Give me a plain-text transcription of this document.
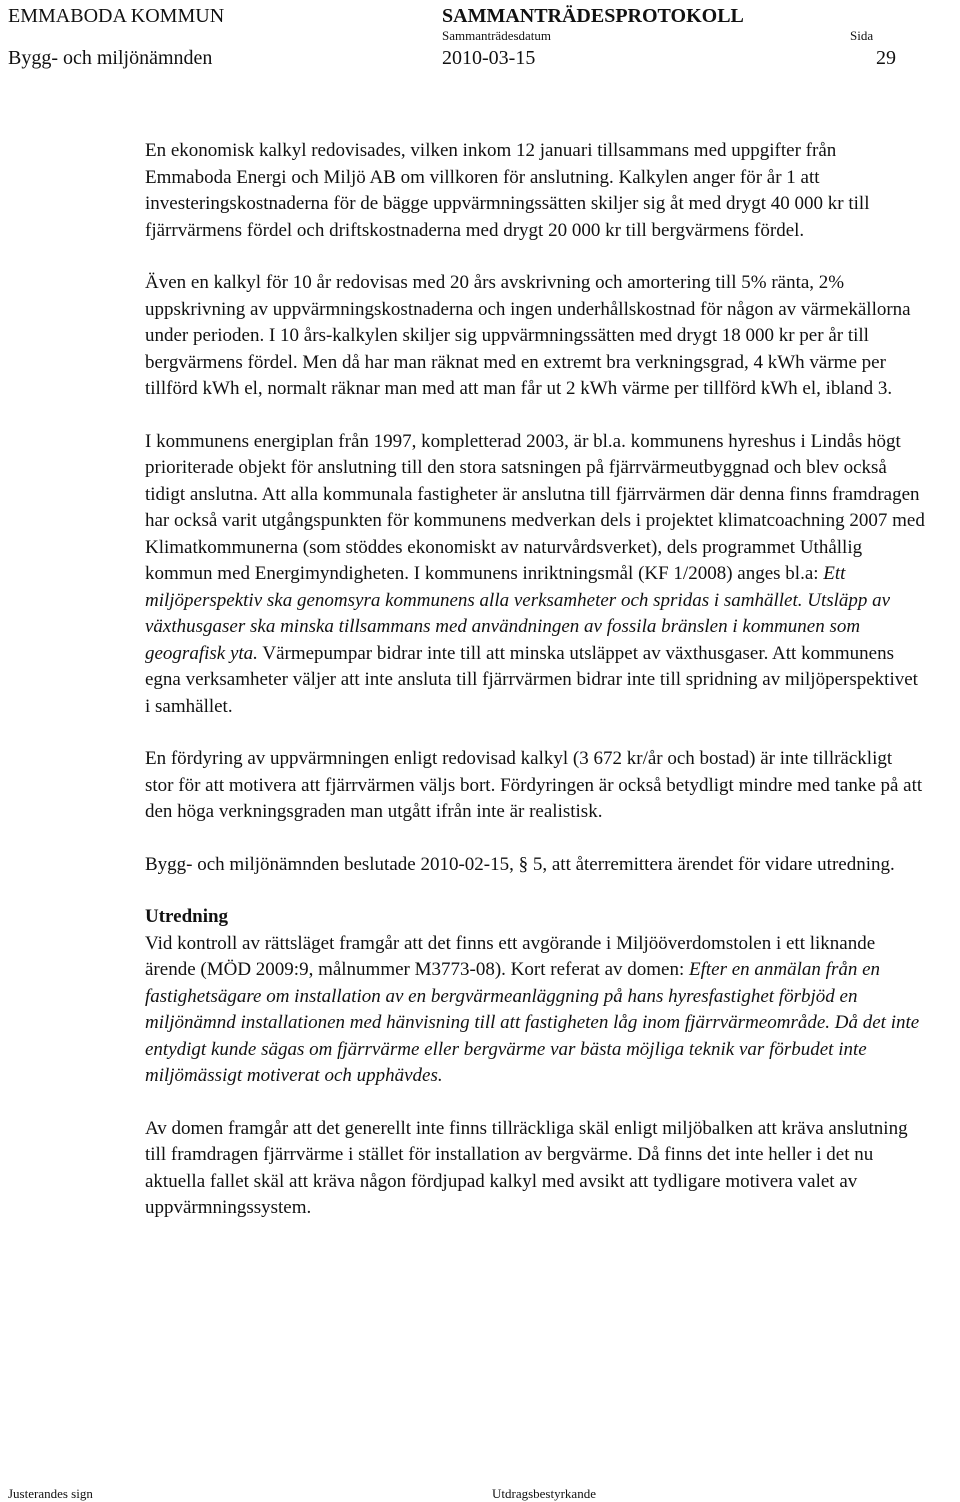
EMMABODA KOMMUN	SAMMANTRÄDESPROTOKOLL
Sammanträdesdatum	Sida
Bygg- och miljönämnden	2010-03-15	29

En ekonomisk kalkyl redovisades, vilken inkom 12 januari tillsammans med uppgifter från Emmaboda Energi och Miljö AB om villkoren för anslutning. Kalkylen anger för år 1 att investeringskostnaderna för de bägge uppvärmningssätten skiljer sig åt med drygt 40 000 kr till fjärrvärmens fördel och driftskostnaderna med drygt 20 000 kr till bergvärmens fördel.

Även en kalkyl för 10 år redovisas med 20 års avskrivning och amortering till 5% ränta, 2% uppskrivning av uppvärmningskostnaderna och ingen underhållskostnad för någon av värmekällorna under perioden. I 10 års-kalkylen skiljer sig uppvärmningssätten med drygt 18 000 kr per år till bergvärmens fördel. Men då har man räknat med en extremt bra verkningsgrad, 4 kWh värme per tillförd kWh el, normalt räknar man med att man får ut 2 kWh värme per tillförd kWh el, ibland 3.

I kommunens energiplan från 1997, kompletterad 2003, är bl.a. kommunens hyreshus i Lindås högt prioriterade objekt för anslutning till den stora satsningen på fjärrvärmeutbyggnad och blev också tidigt anslutna. Att alla kommunala fastigheter är anslutna till fjärrvärmen där denna finns framdragen har också varit utgångspunkten för kommunens medverkan dels i projektet klimatcoachning 2007 med Klimatkommunerna (som stöddes ekonomiskt av naturvårdsverket), dels programmet Uthållig kommun med Energimyndigheten. I kommunens inriktningsmål (KF 1/2008) anges bl.a: Ett miljöperspektiv ska genomsyra kommunens alla verksamheter och spridas i samhället. Utsläpp av växthusgaser ska minska tillsammans med användningen av fossila bränslen i kommunen som geografisk yta. Värmepumpar bidrar inte till att minska utsläppet av växthusgaser. Att kommunens egna verksamheter väljer att inte ansluta till fjärrvärmen bidrar inte till spridning av miljöperspektivet i samhället.

En fördyring av uppvärmningen enligt redovisad kalkyl (3 672 kr/år och bostad) är inte tillräckligt stor för att motivera att fjärrvärmen väljs bort. Fördyringen är också betydligt mindre med tanke på att den höga verkningsgraden man utgått ifrån inte är realistisk.

Bygg- och miljönämnden beslutade 2010-02-15, § 5, att återremittera ärendet för vidare utredning.

Utredning

Vid kontroll av rättsläget framgår att det finns ett avgörande i Miljööverdomstolen i ett liknande ärende (MÖD 2009:9, målnummer M3773-08). Kort referat av domen: Efter en anmälan från en fastighetsägare om installation av en bergvärmeanläggning på hans hyresfastighet förbjöd en miljönämnd installationen med hänvisning till att fastigheten låg inom fjärrvärmeområde. Då det inte entydigt kunde sägas om fjärrvärme eller bergvärme var bästa möjliga teknik var förbudet inte miljömässigt motiverat och upphävdes.

Av domen framgår att det generellt inte finns tillräckliga skäl enligt miljöbalken att kräva anslutning till framdragen fjärrvärme i stället för installation av bergvärme. Då finns det inte heller i det nu aktuella fallet skäl att kräva någon fördjupad kalkyl med avsikt att tydligare motivera valet av uppvärmningssystem.

Justerandes sign	Utdragsbestyrkande
